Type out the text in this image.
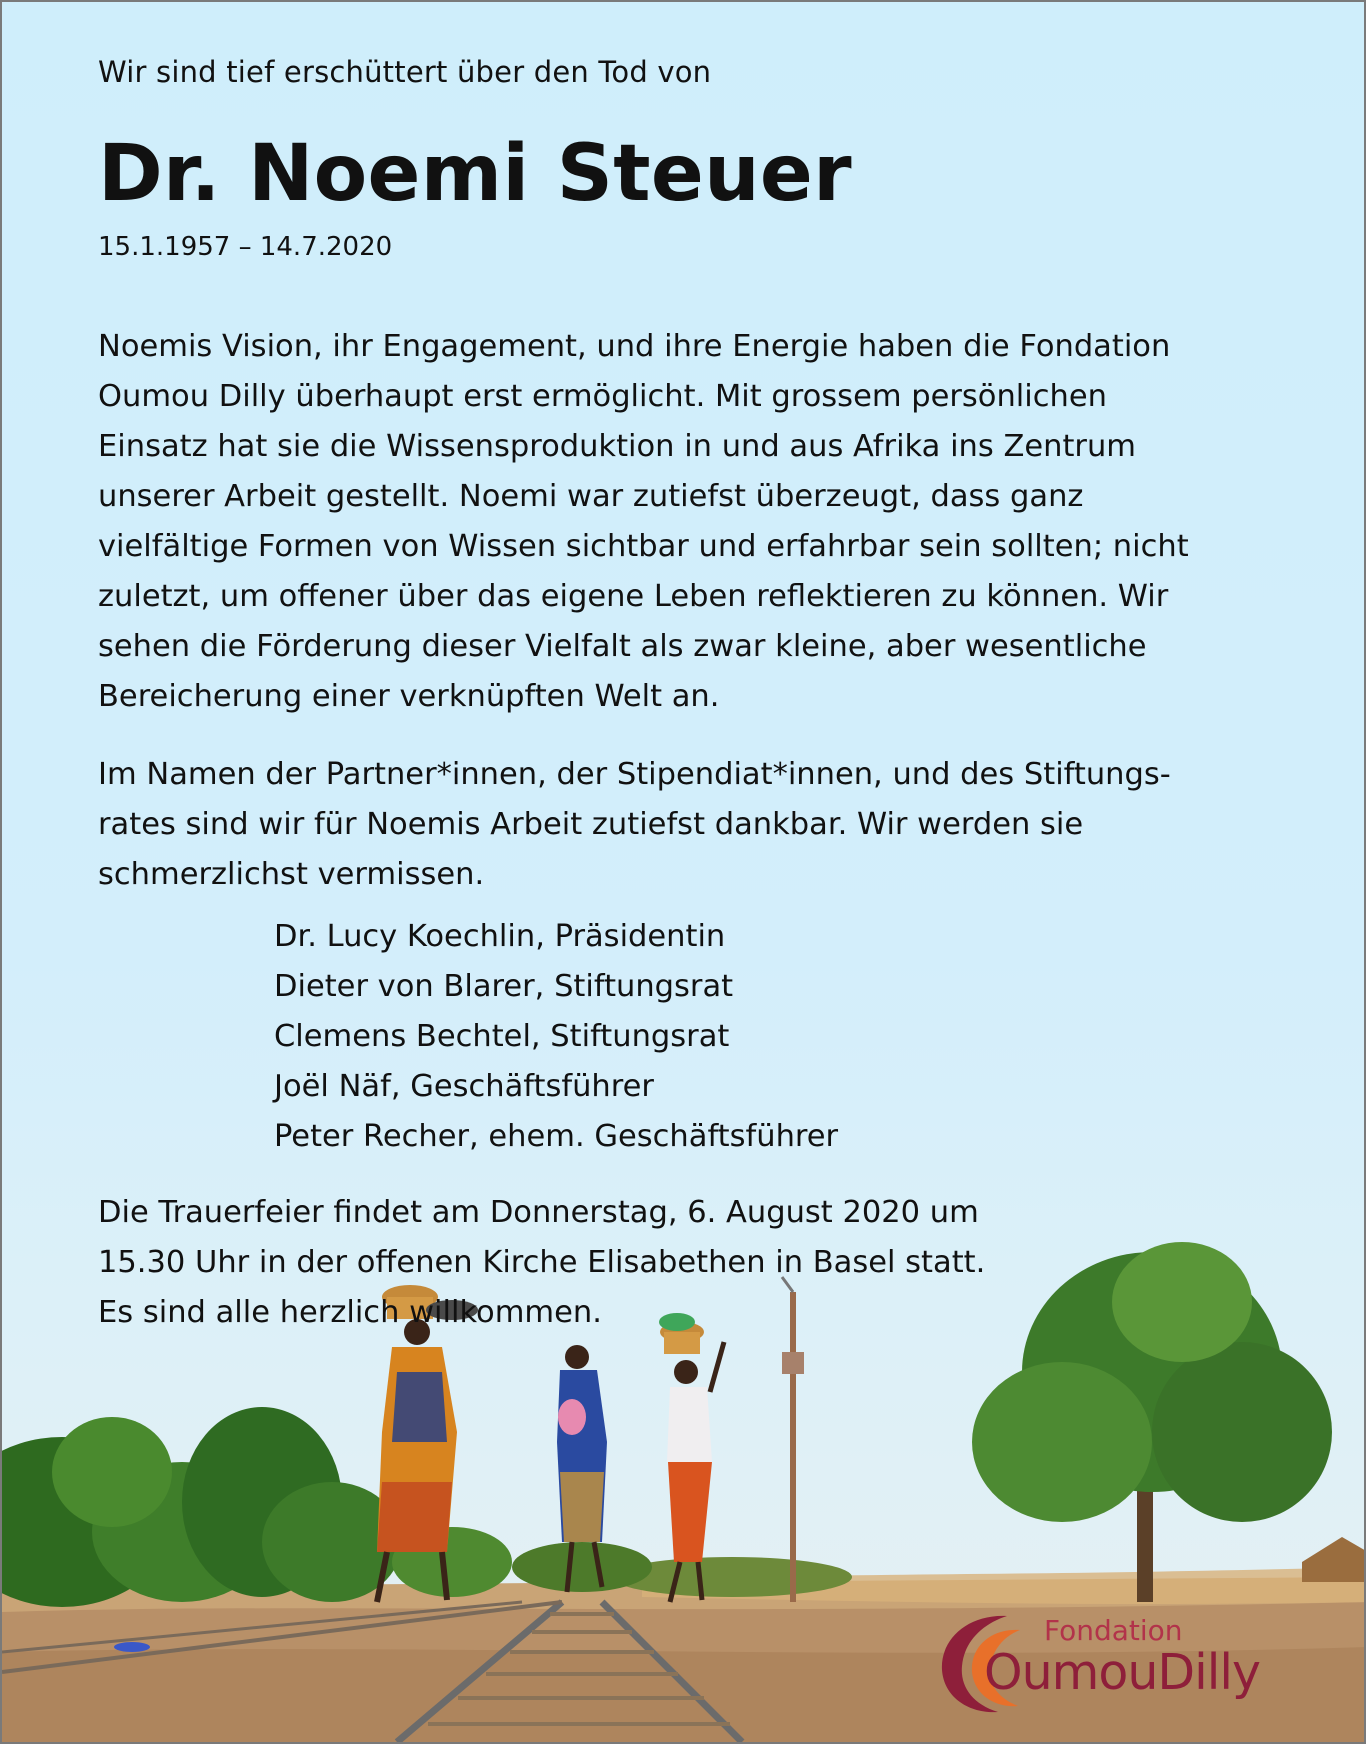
Wir sind tief erschüttert über den Tod von

Dr. Noemi Steuer

15.1.1957 – 14.7.2020

Noemis Vision, ihr Engagement, und ihre Energie haben die Fondation
Oumou Dilly überhaupt erst ermöglicht. Mit grossem persönlichen
Einsatz hat sie die Wissensproduktion in und aus Afrika ins Zentrum
unserer Arbeit gestellt. Noemi war zutiefst überzeugt, dass ganz
vielfältige Formen von Wissen sichtbar und erfahrbar sein sollten; nicht
zuletzt, um offener über das eigene Leben reflektieren zu können. Wir
sehen die Förderung dieser Vielfalt als zwar kleine, aber wesentliche
Bereicherung einer verknüpften Welt an.
Im Namen der Partner*innen, der Stipendiat*innen, und des Stiftungs-
rates sind wir für Noemis Arbeit zutiefst dankbar. Wir werden sie
schmerzlichst vermissen.
Dr. Lucy Koechlin, Präsidentin
Dieter von Blarer, Stiftungsrat
Clemens Bechtel, Stiftungsrat
Joël Näf, Geschäftsführer
Peter Recher, ehem. Geschäftsführer
Die Trauerfeier findet am Donnerstag, 6. August 2020 um
15.30 Uhr in der offenen Kirche Elisabethen in Basel statt.
Es sind alle herzlich willkommen.
Fondation
OumouDilly
